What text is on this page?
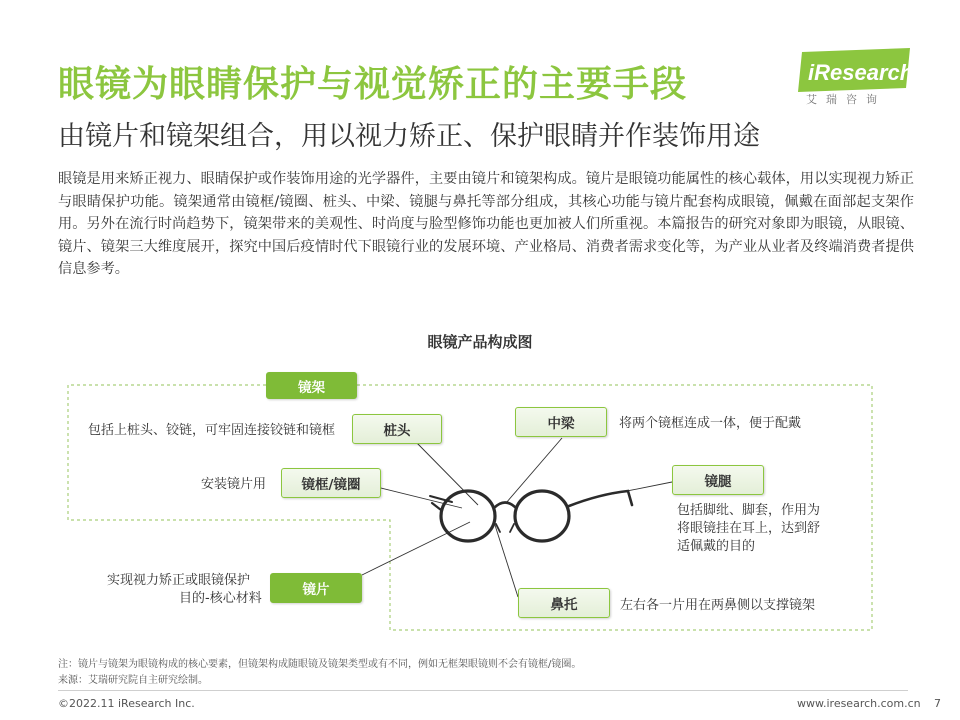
眼镜为眼睛保护与视觉矫正的主要手段
由镜片和镜架组合，用以视力矫正、保护眼睛并作装饰用途
iResearch
艾瑞咨询
眼镜是用来矫正视力、眼睛保护或作装饰用途的光学器件，主要由镜片和镜架构成。镜片是眼镜功能属性的核心载体，用以实现视力矫正与眼睛保护功能。镜架通常由镜框/镜圈、桩头、中梁、镜腿与鼻托等部分组成，其核心功能与镜片配套构成眼镜，佩戴在面部起支架作用。另外在流行时尚趋势下，镜架带来的美观性、时尚度与脸型修饰功能也更加被人们所重视。本篇报告的研究对象即为眼镜，从眼镜、镜片、镜架三大维度展开，探究中国后疫情时代下眼镜行业的发展环境、产业格局、消费者需求变化等，为产业从业者及终端消费者提供信息参考。
眼镜产品构成图
镜架
桩头
镜框/镜圈
镜片
中梁
镜腿
鼻托
包括上桩头、铰链，可牢固连接铰链和镜框
安装镜片用
实现视力矫正或眼镜保护
目的-核心材料
将两个镜框连成一体，便于配戴
包括脚纰、脚套，作用为
将眼镜挂在耳上，达到舒
适佩戴的目的
左右各一片用在两鼻侧以支撑镜架
注：镜片与镜架为眼镜构成的核心要素，但镜架构成随眼镜及镜架类型或有不同，例如无框架眼镜则不会有镜框/镜圈。
来源：艾瑞研究院自主研究绘制。
©2022.11 iResearch Inc.	www.iresearch.com.cn 7
